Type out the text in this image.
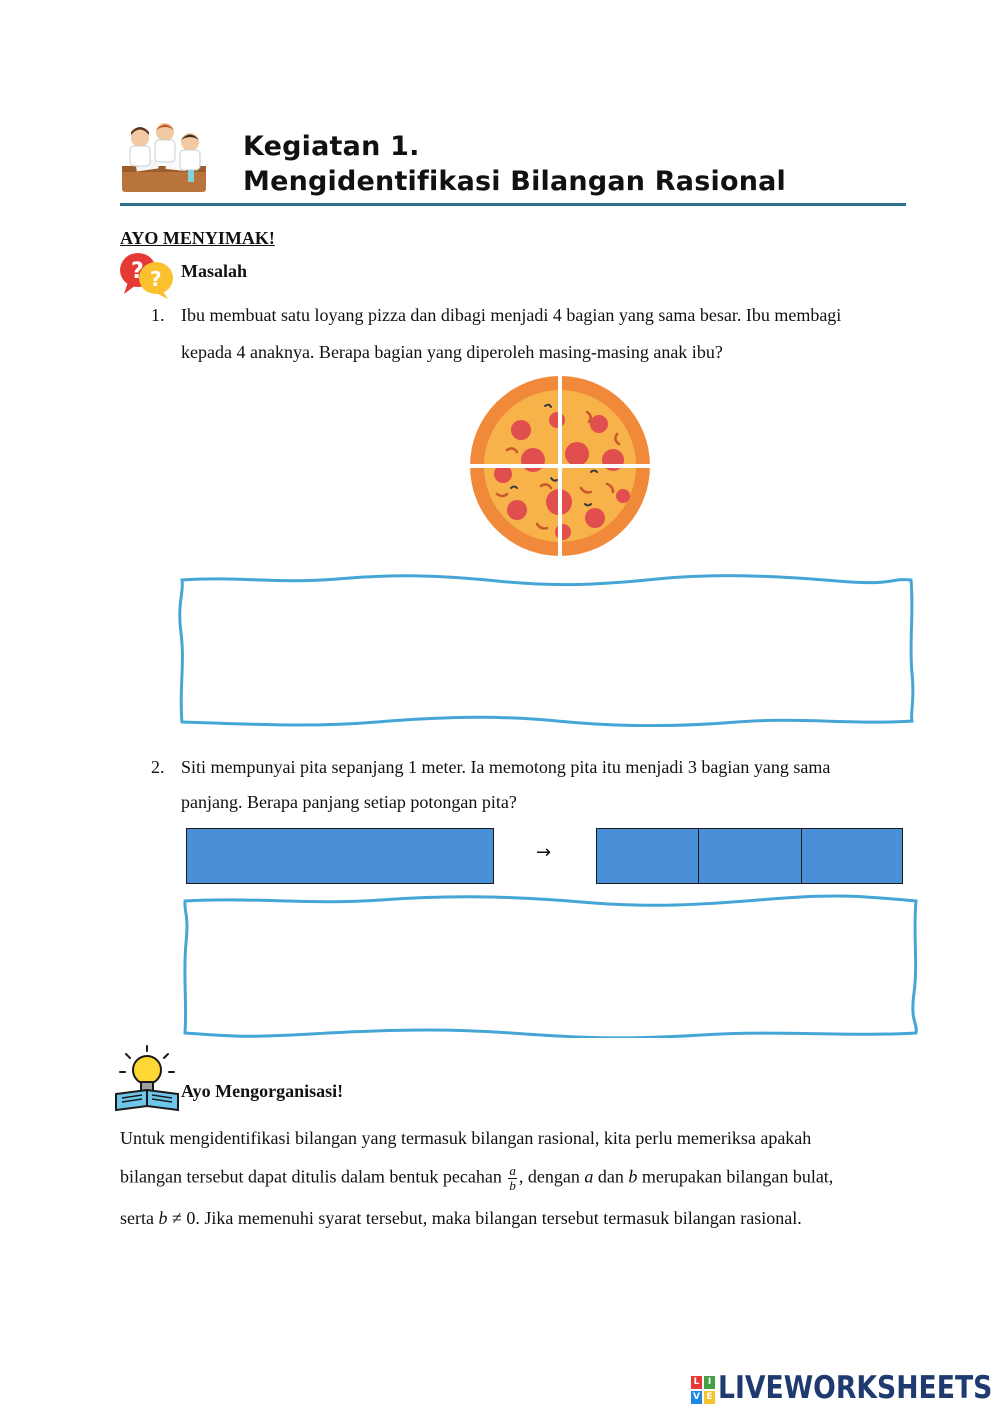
Kegiatan 1.
Mengidentifikasi Bilangan Rasional
AYO MENYIMAK!
? ? Masalah
1. Ibu membuat satu loyang pizza dan dibagi menjadi 4 bagian yang sama besar. Ibu membagi
kepada 4 anaknya. Berapa bagian yang diperoleh masing-masing anak ibu?
2. Siti mempunyai pita sepanjang 1 meter. Ia memotong pita itu menjadi 3 bagian yang sama
panjang. Berapa panjang setiap potongan pita?
→
Ayo Mengorganisasi!
Untuk mengidentifikasi bilangan yang termasuk bilangan rasional, kita perlu memeriksa apakah
bilangan tersebut dapat ditulis dalam bentuk pecahan $\frac{a}{b}$ , dengan a dan b merupakan bilangan bulat,
serta b ≠ 0. Jika memenuhi syarat tersebut, maka bilangan tersebut termasuk bilangan rasional.
L I
V E LIVEWORKSHEETS
